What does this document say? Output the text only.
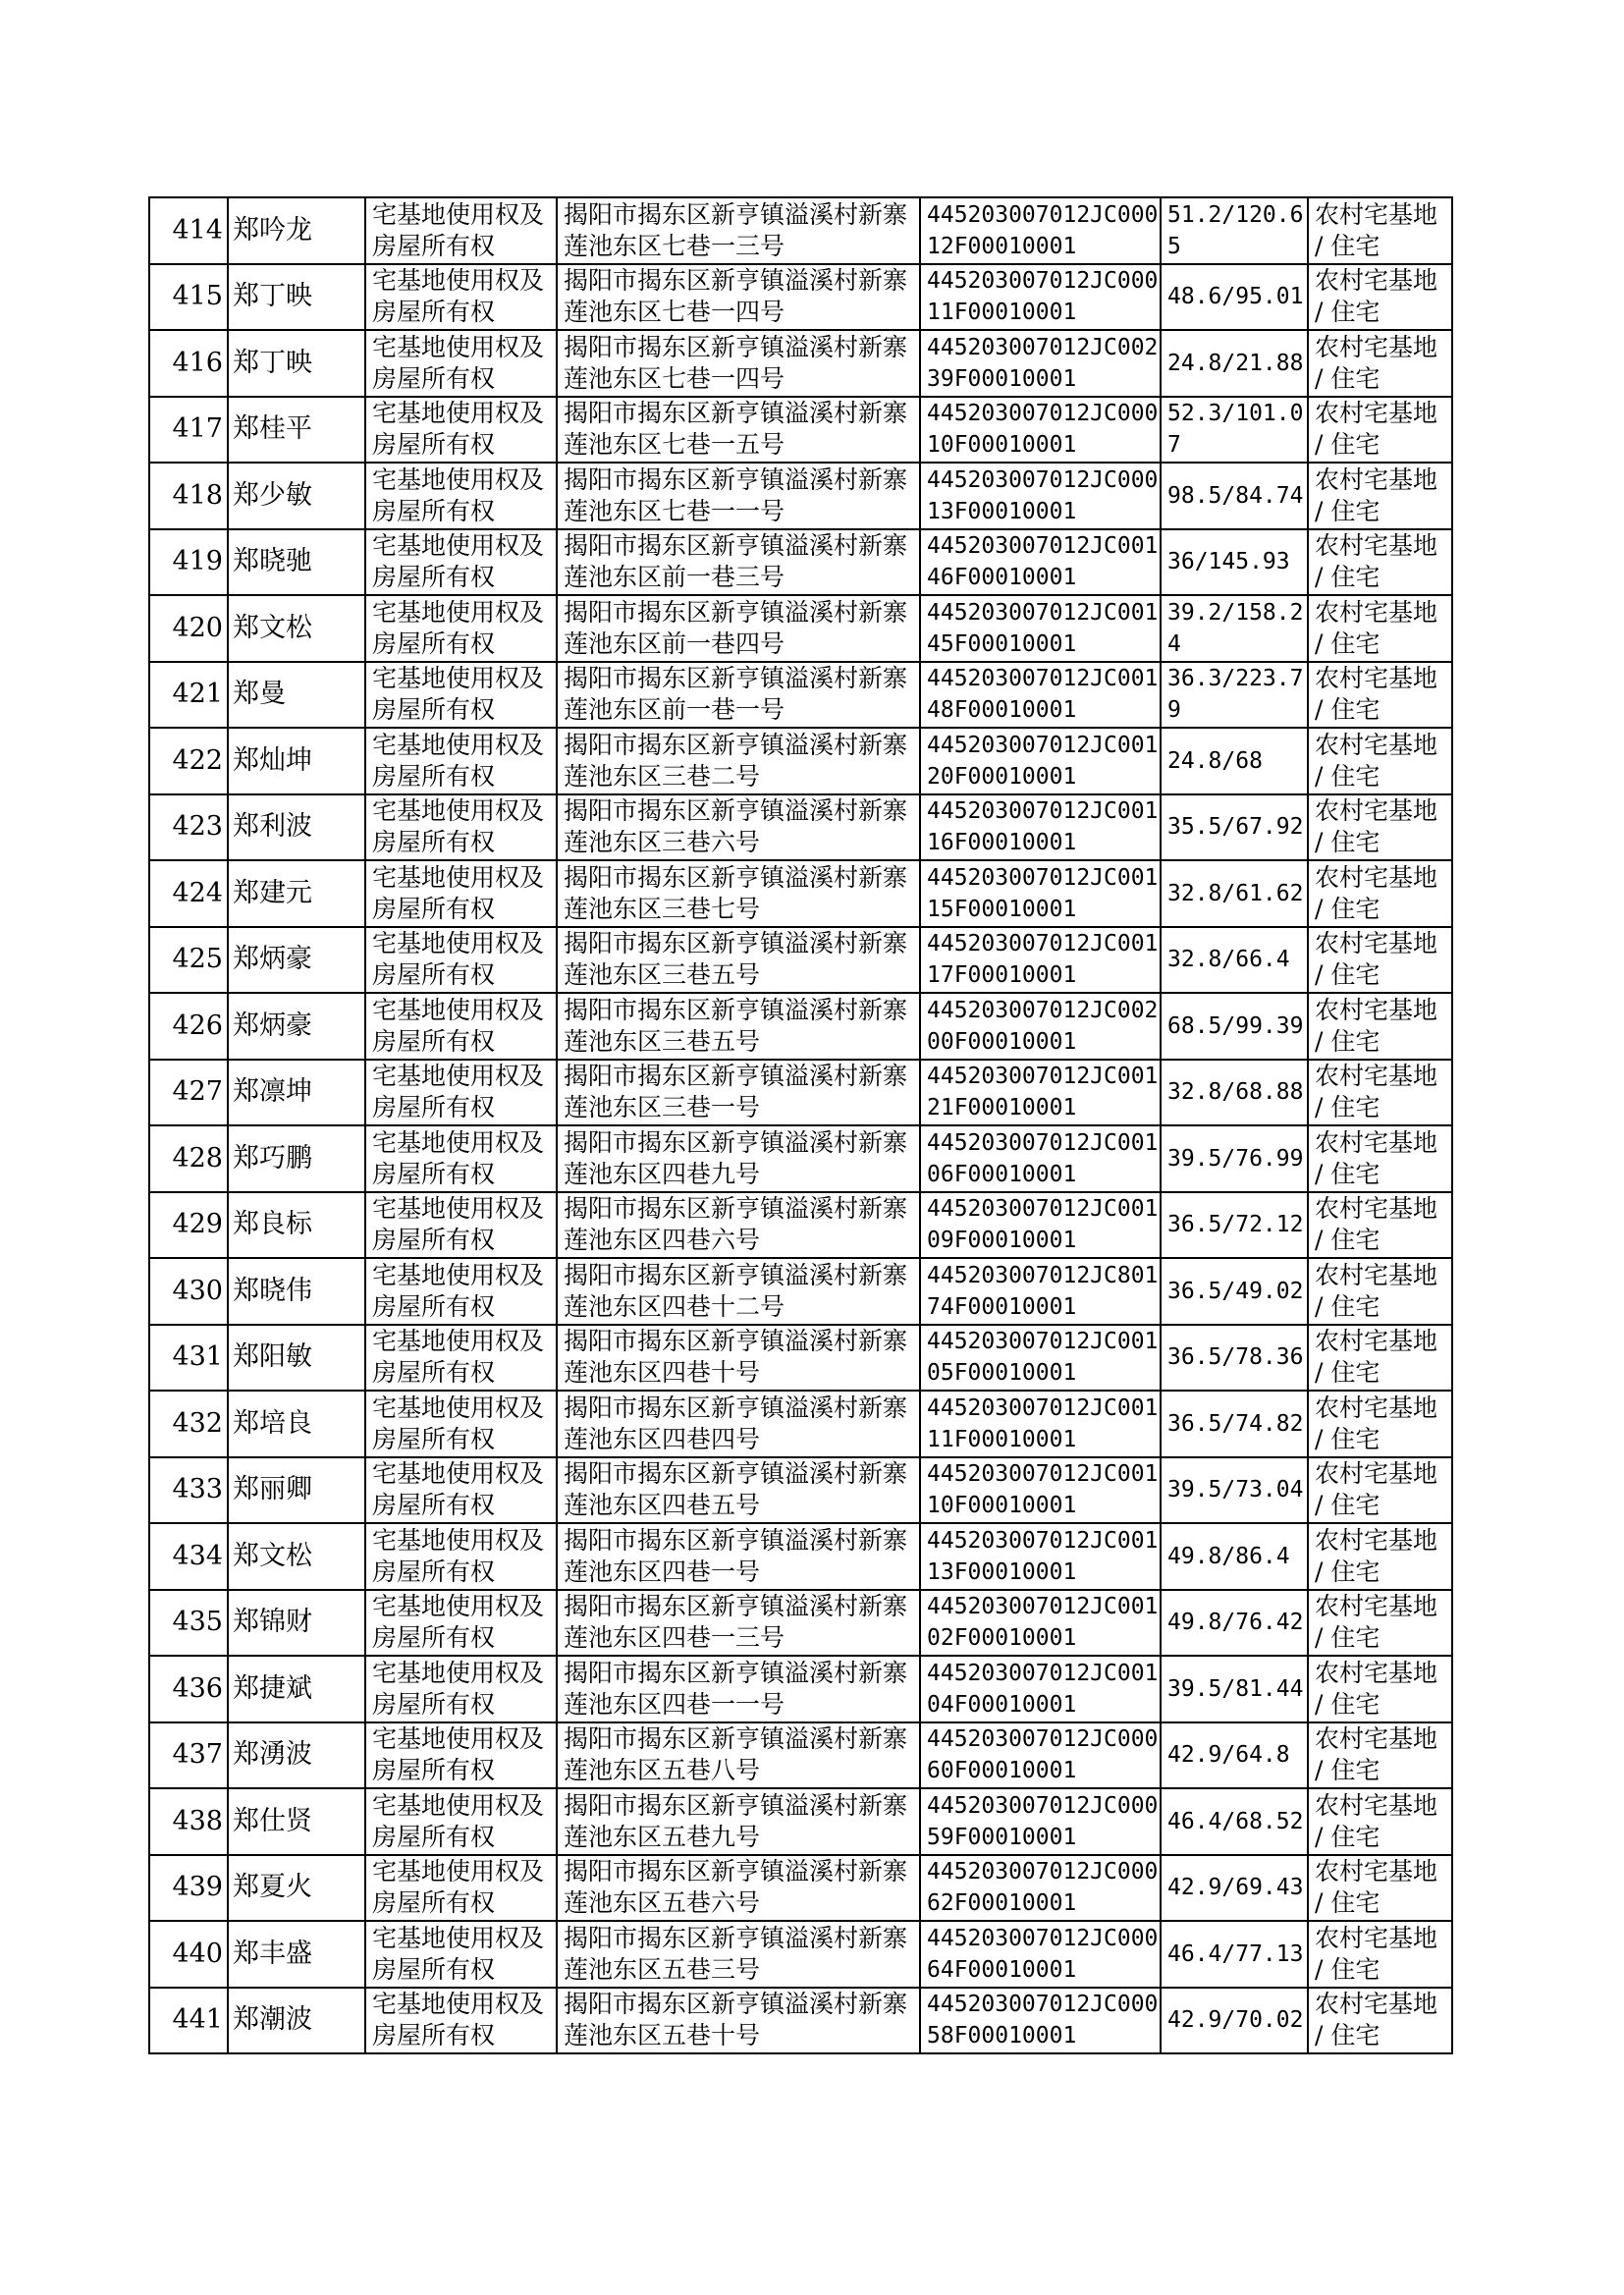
414	郑吟龙	宅基地使用权及房屋所有权	揭阳市揭东区新亨镇溢溪村新寨莲池东区七巷一三号	445203007012JC00012F00010001	51.2/120.65	农村宅基地 / 住宅
415	郑丁映	宅基地使用权及房屋所有权	揭阳市揭东区新亨镇溢溪村新寨莲池东区七巷一四号	445203007012JC00011F00010001	48.6/95.01	农村宅基地 / 住宅
416	郑丁映	宅基地使用权及房屋所有权	揭阳市揭东区新亨镇溢溪村新寨莲池东区七巷一四号	445203007012JC00239F00010001	24.8/21.88	农村宅基地 / 住宅
417	郑桂平	宅基地使用权及房屋所有权	揭阳市揭东区新亨镇溢溪村新寨莲池东区七巷一五号	445203007012JC00010F00010001	52.3/101.07	农村宅基地 / 住宅
418	郑少敏	宅基地使用权及房屋所有权	揭阳市揭东区新亨镇溢溪村新寨莲池东区七巷一一号	445203007012JC00013F00010001	98.5/84.74	农村宅基地 / 住宅
419	郑晓驰	宅基地使用权及房屋所有权	揭阳市揭东区新亨镇溢溪村新寨莲池东区前一巷三号	445203007012JC00146F00010001	36/145.93	农村宅基地 / 住宅
420	郑文松	宅基地使用权及房屋所有权	揭阳市揭东区新亨镇溢溪村新寨莲池东区前一巷四号	445203007012JC00145F00010001	39.2/158.24	农村宅基地 / 住宅
421	郑曼	宅基地使用权及房屋所有权	揭阳市揭东区新亨镇溢溪村新寨莲池东区前一巷一号	445203007012JC00148F00010001	36.3/223.79	农村宅基地 / 住宅
422	郑灿坤	宅基地使用权及房屋所有权	揭阳市揭东区新亨镇溢溪村新寨莲池东区三巷二号	445203007012JC00120F00010001	24.8/68	农村宅基地 / 住宅
423	郑利波	宅基地使用权及房屋所有权	揭阳市揭东区新亨镇溢溪村新寨莲池东区三巷六号	445203007012JC00116F00010001	35.5/67.92	农村宅基地 / 住宅
424	郑建元	宅基地使用权及房屋所有权	揭阳市揭东区新亨镇溢溪村新寨莲池东区三巷七号	445203007012JC00115F00010001	32.8/61.62	农村宅基地 / 住宅
425	郑炳豪	宅基地使用权及房屋所有权	揭阳市揭东区新亨镇溢溪村新寨莲池东区三巷五号	445203007012JC00117F00010001	32.8/66.4	农村宅基地 / 住宅
426	郑炳豪	宅基地使用权及房屋所有权	揭阳市揭东区新亨镇溢溪村新寨莲池东区三巷五号	445203007012JC00200F00010001	68.5/99.39	农村宅基地 / 住宅
427	郑凛坤	宅基地使用权及房屋所有权	揭阳市揭东区新亨镇溢溪村新寨莲池东区三巷一号	445203007012JC00121F00010001	32.8/68.88	农村宅基地 / 住宅
428	郑巧鹏	宅基地使用权及房屋所有权	揭阳市揭东区新亨镇溢溪村新寨莲池东区四巷九号	445203007012JC00106F00010001	39.5/76.99	农村宅基地 / 住宅
429	郑良标	宅基地使用权及房屋所有权	揭阳市揭东区新亨镇溢溪村新寨莲池东区四巷六号	445203007012JC00109F00010001	36.5/72.12	农村宅基地 / 住宅
430	郑晓伟	宅基地使用权及房屋所有权	揭阳市揭东区新亨镇溢溪村新寨莲池东区四巷十二号	445203007012JC80174F00010001	36.5/49.02	农村宅基地 / 住宅
431	郑阳敏	宅基地使用权及房屋所有权	揭阳市揭东区新亨镇溢溪村新寨莲池东区四巷十号	445203007012JC00105F00010001	36.5/78.36	农村宅基地 / 住宅
432	郑培良	宅基地使用权及房屋所有权	揭阳市揭东区新亨镇溢溪村新寨莲池东区四巷四号	445203007012JC00111F00010001	36.5/74.82	农村宅基地 / 住宅
433	郑丽卿	宅基地使用权及房屋所有权	揭阳市揭东区新亨镇溢溪村新寨莲池东区四巷五号	445203007012JC00110F00010001	39.5/73.04	农村宅基地 / 住宅
434	郑文松	宅基地使用权及房屋所有权	揭阳市揭东区新亨镇溢溪村新寨莲池东区四巷一号	445203007012JC00113F00010001	49.8/86.4	农村宅基地 / 住宅
435	郑锦财	宅基地使用权及房屋所有权	揭阳市揭东区新亨镇溢溪村新寨莲池东区四巷一三号	445203007012JC00102F00010001	49.8/76.42	农村宅基地 / 住宅
436	郑捷斌	宅基地使用权及房屋所有权	揭阳市揭东区新亨镇溢溪村新寨莲池东区四巷一一号	445203007012JC00104F00010001	39.5/81.44	农村宅基地 / 住宅
437	郑湧波	宅基地使用权及房屋所有权	揭阳市揭东区新亨镇溢溪村新寨莲池东区五巷八号	445203007012JC00060F00010001	42.9/64.8	农村宅基地 / 住宅
438	郑仕贤	宅基地使用权及房屋所有权	揭阳市揭东区新亨镇溢溪村新寨莲池东区五巷九号	445203007012JC00059F00010001	46.4/68.52	农村宅基地 / 住宅
439	郑夏火	宅基地使用权及房屋所有权	揭阳市揭东区新亨镇溢溪村新寨莲池东区五巷六号	445203007012JC00062F00010001	42.9/69.43	农村宅基地 / 住宅
440	郑丰盛	宅基地使用权及房屋所有权	揭阳市揭东区新亨镇溢溪村新寨莲池东区五巷三号	445203007012JC00064F00010001	46.4/77.13	农村宅基地 / 住宅
441	郑潮波	宅基地使用权及房屋所有权	揭阳市揭东区新亨镇溢溪村新寨莲池东区五巷十号	445203007012JC00058F00010001	42.9/70.02	农村宅基地 / 住宅
